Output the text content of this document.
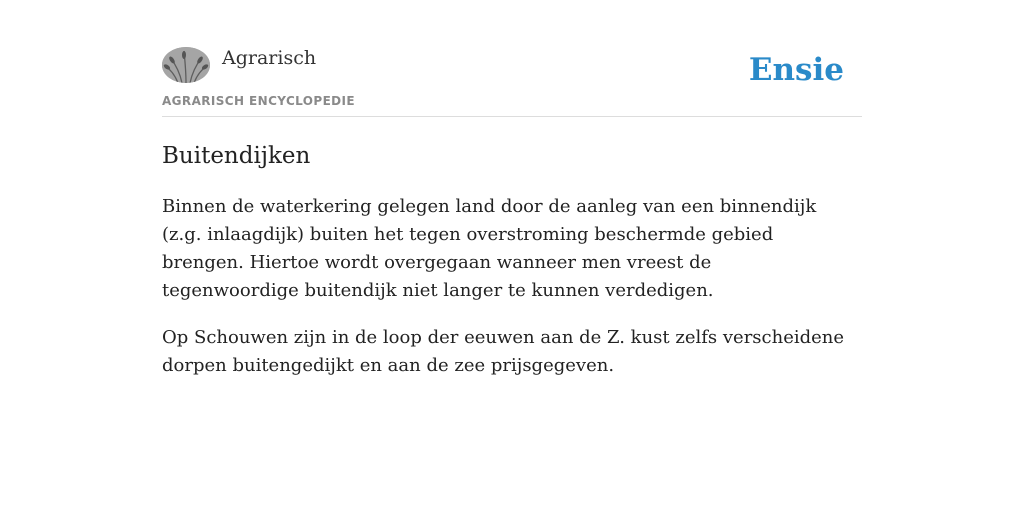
Agrarisch
AGRARISCH ENCYCLOPEDIE
Ensie
Buitendijken

Binnen de waterkering gelegen land door de aanleg van een binnendijk (z.g. inlaagdijk) buiten het tegen overstroming beschermde gebied brengen. Hiertoe wordt overgegaan wanneer men vreest de tegenwoordige buitendijk niet langer te kunnen verdedigen.

Op Schouwen zijn in de loop der eeuwen aan de Z. kust zelfs verscheidene dorpen buitengedijkt en aan de zee prijsgegeven.
